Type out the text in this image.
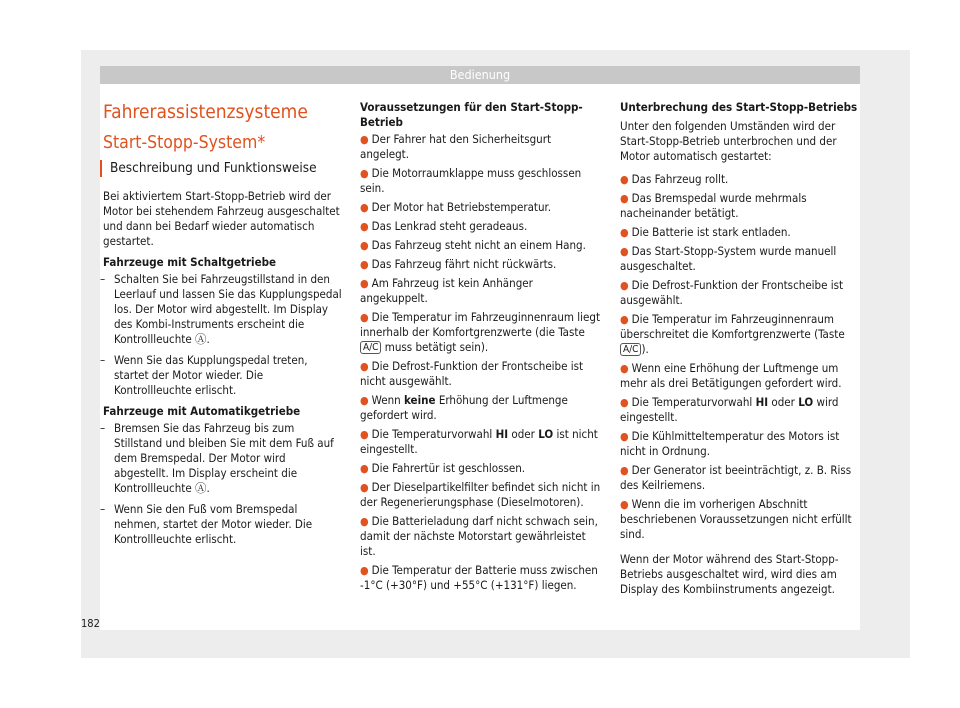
Bedienung
Fahrerassistenzsysteme
Start-Stopp-System*
Beschreibung und Funktionsweise

Bei aktiviertem Start-Stopp-Betrieb wird der Motor bei stehendem Fahrzeug ausgeschaltet und dann bei Bedarf wieder automatisch gestartet.

Fahrzeuge mit Schaltgetriebe

– Schalten Sie bei Fahrzeugstillstand in den Leerlauf und lassen Sie das Kupplungspedal los. Der Motor wird abgestellt. Im Display des Kombi-Instruments erscheint die Kontrollleuchte Ⓐ.
– Wenn Sie das Kupplungspedal treten, startet der Motor wieder. Die Kontrollleuchte erlischt.

Fahrzeuge mit Automatikgetriebe

– Bremsen Sie das Fahrzeug bis zum Stillstand und bleiben Sie mit dem Fuß auf dem Bremspedal. Der Motor wird abgestellt. Im Display erscheint die Kontrollleuchte Ⓐ.
– Wenn Sie den Fuß vom Bremspedal nehmen, startet der Motor wieder. Die Kontrollleuchte erlischt.

Voraussetzungen für den Start-Stopp-Betrieb

● Der Fahrer hat den Sicherheitsgurt angelegt.
● Die Motorraumklappe muss geschlossen sein.
● Der Motor hat Betriebstemperatur.
● Das Lenkrad steht geradeaus.
● Das Fahrzeug steht nicht an einem Hang.
● Das Fahrzeug fährt nicht rückwärts.
● Am Fahrzeug ist kein Anhänger angekuppelt.
● Die Temperatur im Fahrzeuginnenraum liegt innerhalb der Komfortgrenzwerte (die Taste A/C muss betätigt sein).
● Die Defrost-Funktion der Frontscheibe ist nicht ausgewählt.
● Wenn keine Erhöhung der Luftmenge gefordert wird.
● Die Temperaturvorwahl HI oder LO ist nicht eingestellt.
● Die Fahrertür ist geschlossen.
● Der Dieselpartikelfilter befindet sich nicht in der Regenerierungsphase (Dieselmotoren).
● Die Batterieladung darf nicht schwach sein, damit der nächste Motorstart gewährleistet ist.
● Die Temperatur der Batterie muss zwischen -1°C (+30°F) und +55°C (+131°F) liegen.

Unterbrechung des Start-Stopp-Betriebs

Unter den folgenden Umständen wird der Start-Stopp-Betrieb unterbrochen und der Motor automatisch gestartet:

● Das Fahrzeug rollt.
● Das Bremspedal wurde mehrmals nacheinander betätigt.
● Die Batterie ist stark entladen.
● Das Start-Stopp-System wurde manuell ausgeschaltet.
● Die Defrost-Funktion der Frontscheibe ist ausgewählt.
● Die Temperatur im Fahrzeuginnenraum überschreitet die Komfortgrenzwerte (Taste A/C ).
● Wenn eine Erhöhung der Luftmenge um mehr als drei Betätigungen gefordert wird.
● Die Temperaturvorwahl HI oder LO wird eingestellt.
● Die Kühlmitteltemperatur des Motors ist nicht in Ordnung.
● Der Generator ist beeinträchtigt, z. B. Riss des Keilriemens.
● Wenn die im vorherigen Abschnitt beschriebenen Voraussetzungen nicht erfüllt sind.

Wenn der Motor während des Start-Stopp-Betriebs ausgeschaltet wird, wird dies am Display des Kombiinstruments angezeigt.

182
